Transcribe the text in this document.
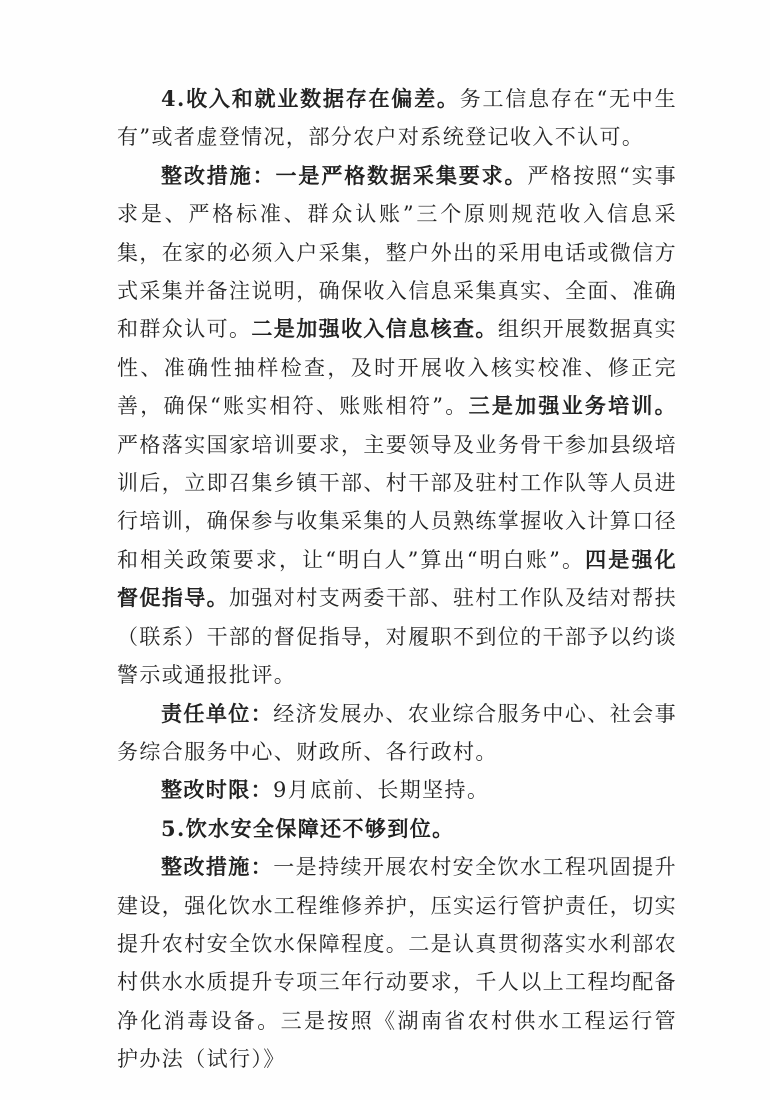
4.收入和就业数据存在偏差。务工信息存在“无中生有”或者虚登情况，部分农户对系统登记收入不认可。

整改措施：一是严格数据采集要求。严格按照“实事求是、严格标准、群众认账”三个原则规范收入信息采集，在家的必须入户采集，整户外出的采用电话或微信方式采集并备注说明，确保收入信息采集真实、全面、准确和群众认可。二是加强收入信息核查。组织开展数据真实性、准确性抽样检查，及时开展收入核实校准、修正完善，确保“账实相符、账账相符”。三是加强业务培训。严格落实国家培训要求，主要领导及业务骨干参加县级培训后，立即召集乡镇干部、村干部及驻村工作队等人员进行培训，确保参与收集采集的人员熟练掌握收入计算口径和相关政策要求，让“明白人”算出“明白账”。四是强化督促指导。加强对村支两委干部、驻村工作队及结对帮扶（联系）干部的督促指导，对履职不到位的干部予以约谈警示或通报批评。

责任单位：经济发展办、农业综合服务中心、社会事务综合服务中心、财政所、各行政村。

整改时限：9月底前、长期坚持。

5.饮水安全保障还不够到位。

整改措施：一是持续开展农村安全饮水工程巩固提升建设，强化饮水工程维修养护，压实运行管护责任，切实提升农村安全饮水保障程度。二是认真贯彻落实水利部农村供水水质提升专项三年行动要求，千人以上工程均配备净化消毒设备。三是按照《湖南省农村供水工程运行管护办法（试行）》
